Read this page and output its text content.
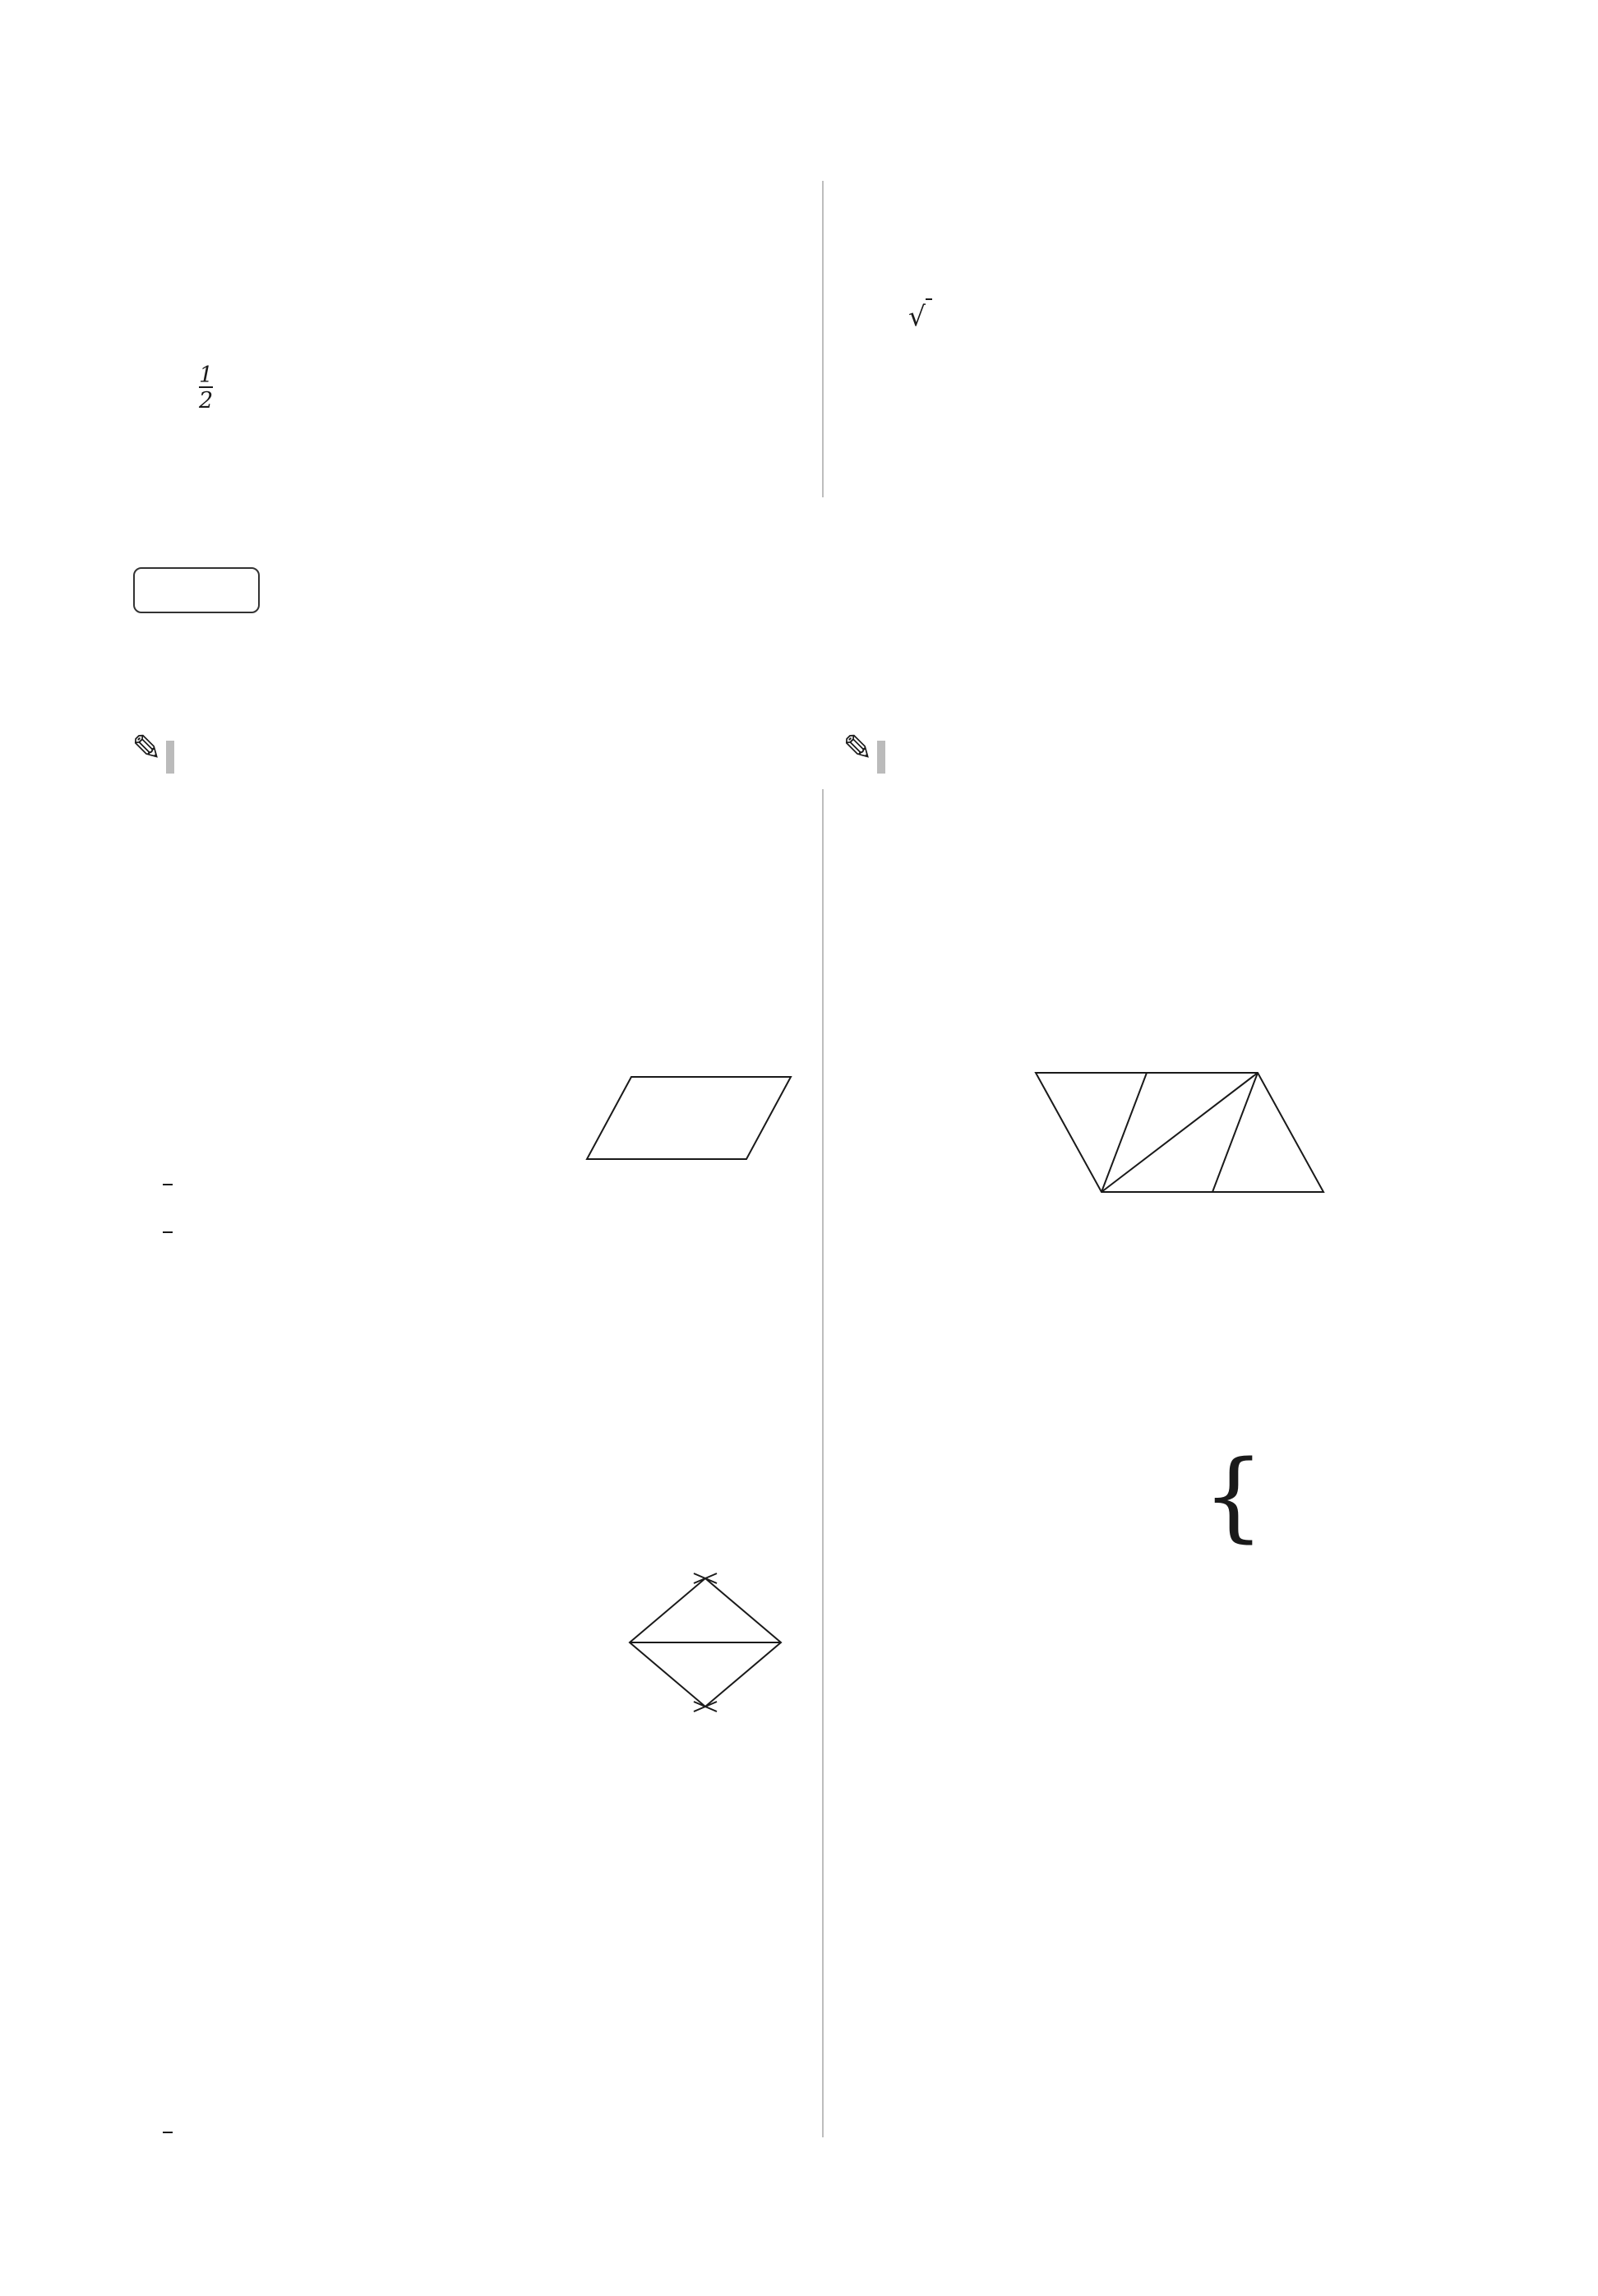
$\frac{1}{2}$
√
✎	✎
{
